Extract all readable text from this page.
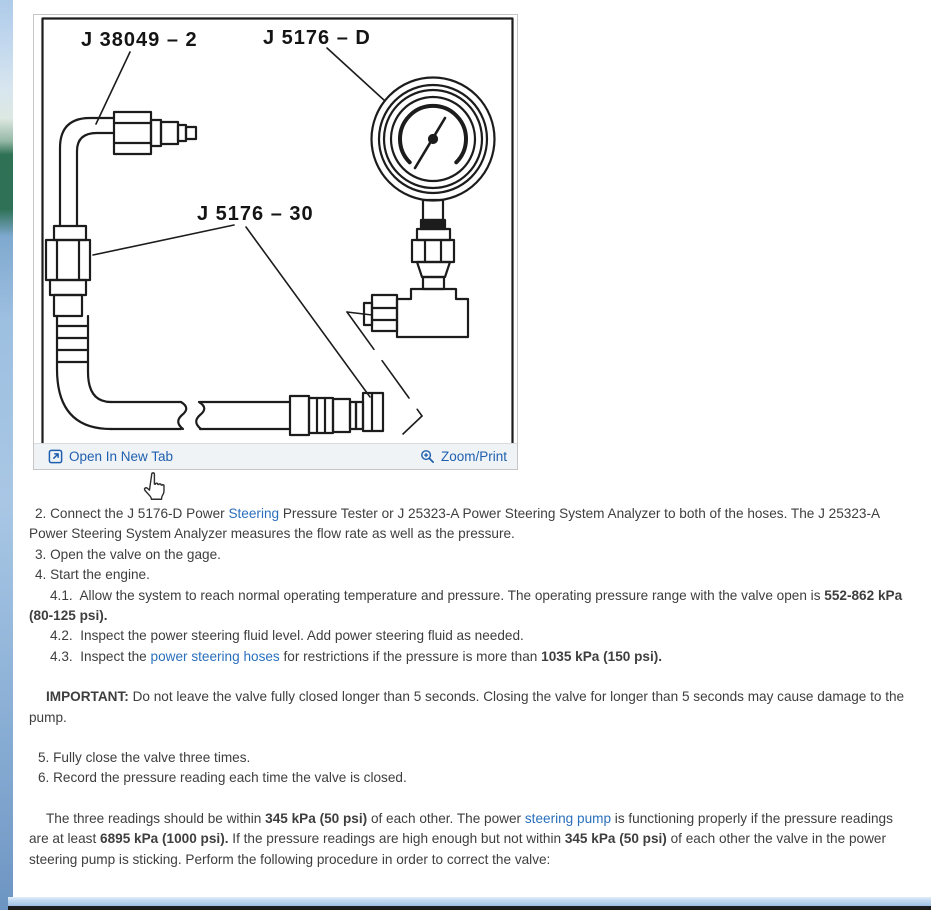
J 38049 – 2	J 5176 – D
J 5176 – 30
Open In New Tab	Zoom/Print

2. Connect the J 5176-D Power Steering Pressure Tester or J 25323-A Power Steering System Analyzer to both of the hoses. The J 25323-A Power Steering System Analyzer measures the flow rate as well as the pressure.

3. Open the valve on the gage.

4. Start the engine.

4.1.  Allow the system to reach normal operating temperature and pressure. The operating pressure range with the valve open is 552-862 kPa (80-125 psi).

4.2.  Inspect the power steering fluid level. Add power steering fluid as needed.

4.3.  Inspect the power steering hoses for restrictions if the pressure is more than 1035 kPa (150 psi).

IMPORTANT: Do not leave the valve fully closed longer than 5 seconds. Closing the valve for longer than 5 seconds may cause damage to the pump.

5. Fully close the valve three times.

6. Record the pressure reading each time the valve is closed.

The three readings should be within 345 kPa (50 psi) of each other. The power steering pump is functioning properly if the pressure readings are at least 6895 kPa (1000 psi). If the pressure readings are high enough but not within 345 kPa (50 psi) of each other the valve in the power steering pump is sticking. Perform the following procedure in order to correct the valve:
